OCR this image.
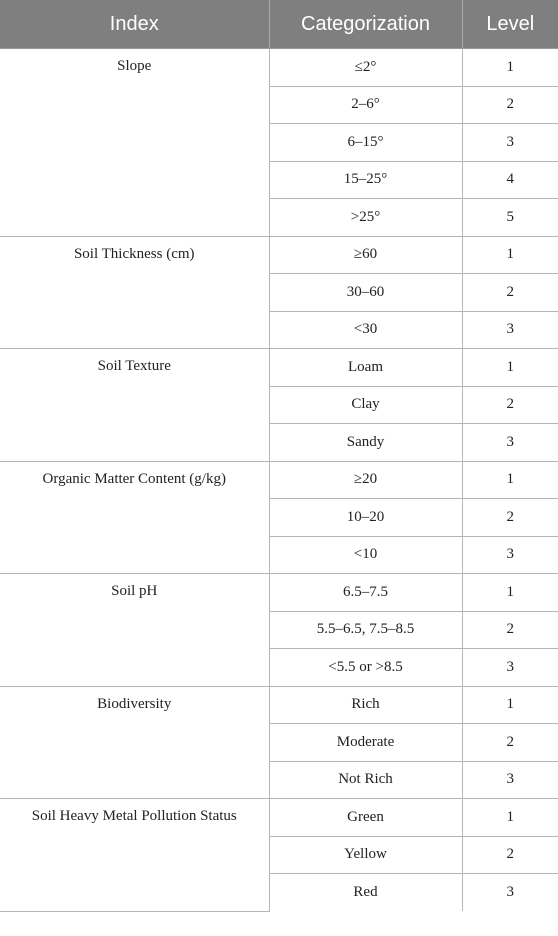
Index	Categorization	Level
Slope	≤2°	1
	2–6°	2
	6–15°	3
	15–25°	4
	>25°	5
Soil Thickness (cm)	≥60	1
	30–60	2
	<30	3
Soil Texture	Loam	1
	Clay	2
	Sandy	3
Organic Matter Content (g/kg)	≥20	1
	10–20	2
	<10	3
Soil pH	6.5–7.5	1
	5.5–6.5, 7.5–8.5	2
	<5.5 or >8.5	3
Biodiversity	Rich	1
	Moderate	2
	Not Rich	3
Soil Heavy Metal Pollution Status	Green	1
	Yellow	2
	Red	3
